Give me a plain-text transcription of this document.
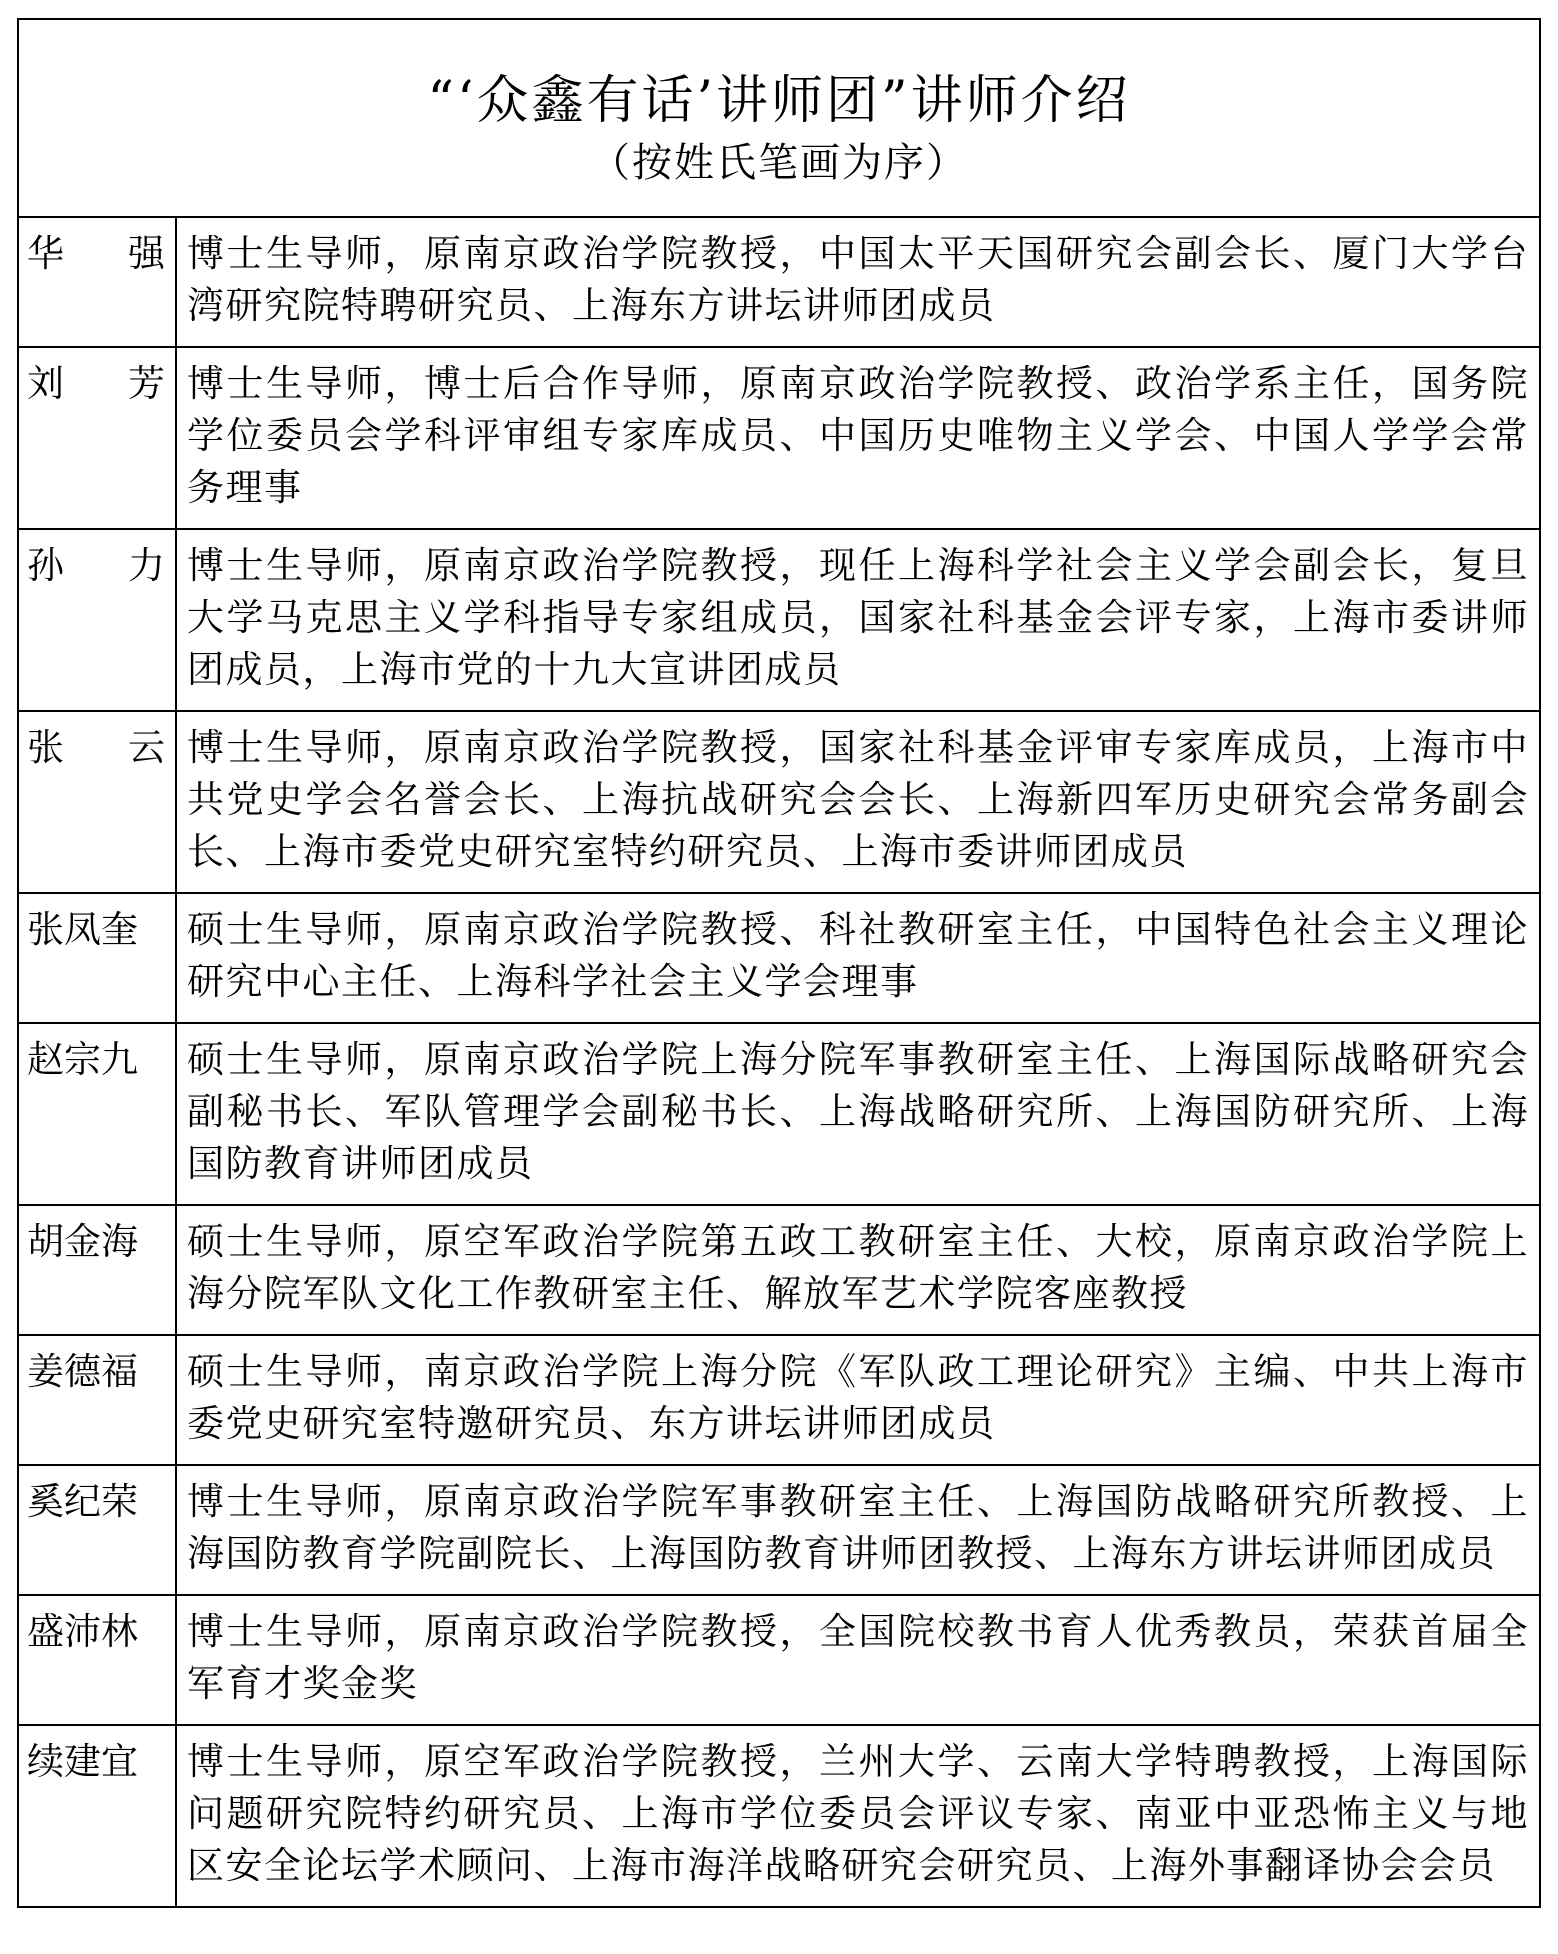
“‘众鑫有话’讲师团”讲师介绍
（按姓氏笔画为序）	

华 强	博士生导师，原南京政治学院教授，中国太平天国研究会副会长、厦门大学台湾研究院特聘研究员、上海东方讲坛讲师团成员

刘 芳	博士生导师，博士后合作导师，原南京政治学院教授、政治学系主任，国务院学位委员会学科评审组专家库成员、中国历史唯物主义学会、中国人学学会常务理事

孙 力	博士生导师，原南京政治学院教授，现任上海科学社会主义学会副会长，复旦大学马克思主义学科指导专家组成员，国家社科基金会评专家，上海市委讲师团成员，上海市党的十九大宣讲团成员

张 云	博士生导师，原南京政治学院教授，国家社科基金评审专家库成员，上海市中共党史学会名誉会长、上海抗战研究会会长、上海新四军历史研究会常务副会长、上海市委党史研究室特约研究员、上海市委讲师团成员
张凤奎	硕士生导师，原南京政治学院教授、科社教研室主任，中国特色社会主义理论研究中心主任、上海科学社会主义学会理事
赵宗九	硕士生导师，原南京政治学院上海分院军事教研室主任、上海国际战略研究会副秘书长、军队管理学会副秘书长、上海战略研究所、上海国防研究所、上海国防教育讲师团成员
胡金海	硕士生导师，原空军政治学院第五政工教研室主任、大校，原南京政治学院上海分院军队文化工作教研室主任、解放军艺术学院客座教授
姜德福	硕士生导师，南京政治学院上海分院《军队政工理论研究》主编、中共上海市委党史研究室特邀研究员、东方讲坛讲师团成员
奚纪荣	博士生导师，原南京政治学院军事教研室主任、上海国防战略研究所教授、上海国防教育学院副院长、上海国防教育讲师团教授、上海东方讲坛讲师团成员
盛沛林	博士生导师，原南京政治学院教授，全国院校教书育人优秀教员，荣获首届全军育才奖金奖
续建宜	博士生导师，原空军政治学院教授，兰州大学、云南大学特聘教授，上海国际问题研究院特约研究员、上海市学位委员会评议专家、南亚中亚恐怖主义与地区安全论坛学术顾问、上海市海洋战略研究会研究员、上海外事翻译协会会员
